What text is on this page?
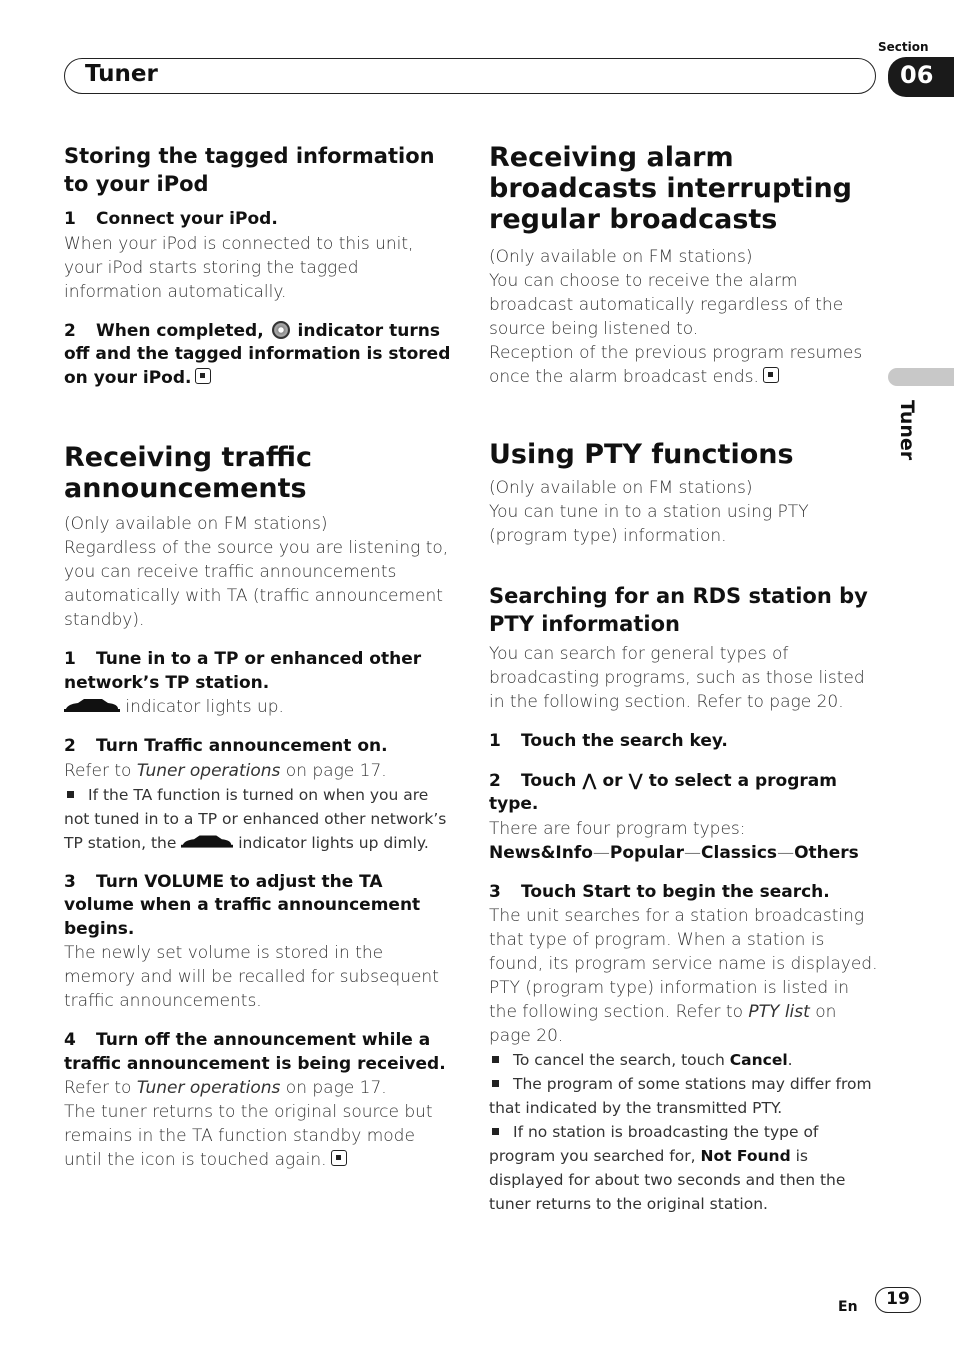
Section
06
Tuner
Tuner
Storing the tagged information to your iPod
1 Connect your iPod.

When your iPod is connected to this unit, your iPod starts storing the tagged information automatically.

2 When completed, indicator turns off and the tagged information is stored on your iPod.
Receiving traffic announcements

(Only available on FM stations)

Regardless of the source you are listening to, you can receive traffic announcements automatically with TA (traffic announcement standby).

1 Tune in to a TP or enhanced other network’s TP station.

indicator lights up.

2 Turn Traffic announcement on.

Refer to Tuner operations on page 17.

If the TA function is turned on when you are not tuned in to a TP or enhanced other network’s TP station, the	indicator lights up dimly.
3 Turn VOLUME to adjust the TA volume when a traffic announcement begins.

The newly set volume is stored in the memory and will be recalled for subsequent traffic announcements.

4 Turn off the announcement while a traffic announcement is being received.

Refer to Tuner operations on page 17.

The tuner returns to the original source but remains in the TA function standby mode until the icon is touched again.

Receiving alarm broadcasts interrupting regular broadcasts

(Only available on FM stations)

You can choose to receive the alarm broadcast automatically regardless of the source being listened to.

Reception of the previous program resumes once the alarm broadcast ends.

Using PTY functions

(Only available on FM stations)

You can tune in to a station using PTY (program type) information.

Searching for an RDS station by PTY information

You can search for general types of broadcasting programs, such as those listed in the following section. Refer to page 20.

1 Touch the search key.
2 Touch ⋀ or ⋁ to select a program type.

There are four program types:

News&Info—Popular—Classics—Others

3 Touch Start to begin the search.

The unit searches for a station broadcasting that type of program. When a station is found, its program service name is displayed.

PTY (program type) information is listed in the following section. Refer to PTY list on page 20.

To cancel the search, touch Cancel.
The program of some stations may differ from that indicated by the transmitted PTY.
If no station is broadcasting the type of program you searched for, Not Found is displayed for about two seconds and then the tuner returns to the original station.
En	19
